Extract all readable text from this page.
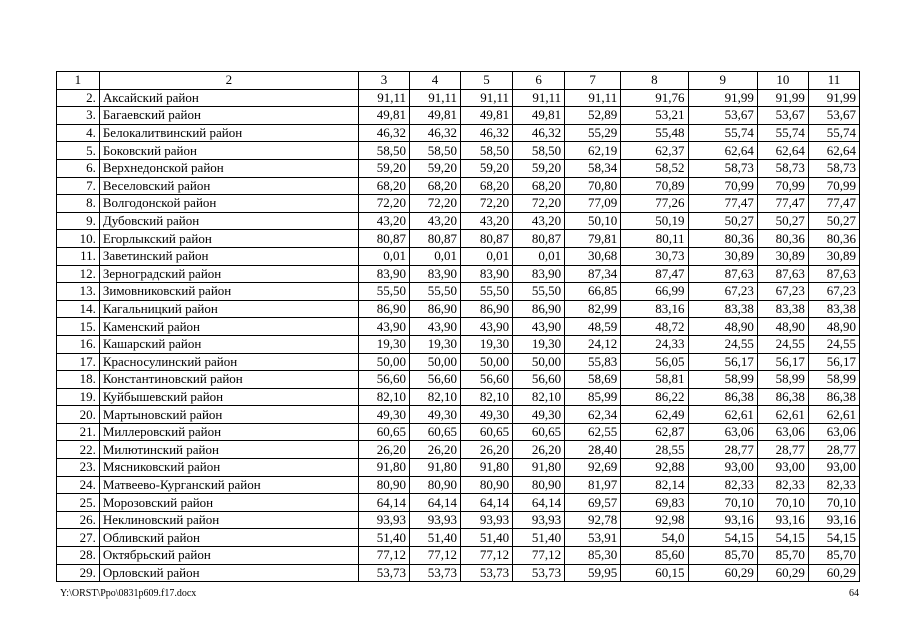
1	2	3	4	5	6	7	8	9	10	11
2.	Аксайский район	91,11	91,11	91,11	91,11	91,11	91,76	91,99	91,99	91,99
3.	Багаевский район	49,81	49,81	49,81	49,81	52,89	53,21	53,67	53,67	53,67
4.	Белокалитвинский район	46,32	46,32	46,32	46,32	55,29	55,48	55,74	55,74	55,74
5.	Боковский район	58,50	58,50	58,50	58,50	62,19	62,37	62,64	62,64	62,64
6.	Верхнедонской район	59,20	59,20	59,20	59,20	58,34	58,52	58,73	58,73	58,73
7.	Веселовский район	68,20	68,20	68,20	68,20	70,80	70,89	70,99	70,99	70,99
8.	Волгодонской район	72,20	72,20	72,20	72,20	77,09	77,26	77,47	77,47	77,47
9.	Дубовский район	43,20	43,20	43,20	43,20	50,10	50,19	50,27	50,27	50,27
10.	Егорлыкский район	80,87	80,87	80,87	80,87	79,81	80,11	80,36	80,36	80,36
11.	Заветинский район	0,01	0,01	0,01	0,01	30,68	30,73	30,89	30,89	30,89
12.	Зерноградский район	83,90	83,90	83,90	83,90	87,34	87,47	87,63	87,63	87,63
13.	Зимовниковский район	55,50	55,50	55,50	55,50	66,85	66,99	67,23	67,23	67,23
14.	Кагальницкий район	86,90	86,90	86,90	86,90	82,99	83,16	83,38	83,38	83,38
15.	Каменский район	43,90	43,90	43,90	43,90	48,59	48,72	48,90	48,90	48,90
16.	Кашарский район	19,30	19,30	19,30	19,30	24,12	24,33	24,55	24,55	24,55
17.	Красносулинский район	50,00	50,00	50,00	50,00	55,83	56,05	56,17	56,17	56,17
18.	Константиновский район	56,60	56,60	56,60	56,60	58,69	58,81	58,99	58,99	58,99
19.	Куйбышевский район	82,10	82,10	82,10	82,10	85,99	86,22	86,38	86,38	86,38
20.	Мартыновский район	49,30	49,30	49,30	49,30	62,34	62,49	62,61	62,61	62,61
21.	Миллеровский район	60,65	60,65	60,65	60,65	62,55	62,87	63,06	63,06	63,06
22.	Милютинский район	26,20	26,20	26,20	26,20	28,40	28,55	28,77	28,77	28,77
23.	Мясниковский район	91,80	91,80	91,80	91,80	92,69	92,88	93,00	93,00	93,00
24.	Матвеево-Курганский район	80,90	80,90	80,90	80,90	81,97	82,14	82,33	82,33	82,33
25.	Морозовский район	64,14	64,14	64,14	64,14	69,57	69,83	70,10	70,10	70,10
26.	Неклиновский район	93,93	93,93	93,93	93,93	92,78	92,98	93,16	93,16	93,16
27.	Обливский район	51,40	51,40	51,40	51,40	53,91	54,0	54,15	54,15	54,15
28.	Октябрьский район	77,12	77,12	77,12	77,12	85,30	85,60	85,70	85,70	85,70
29.	Орловский район	53,73	53,73	53,73	53,73	59,95	60,15	60,29	60,29	60,29
Y:\ORST\Ppo\0831p609.f17.docx	64
